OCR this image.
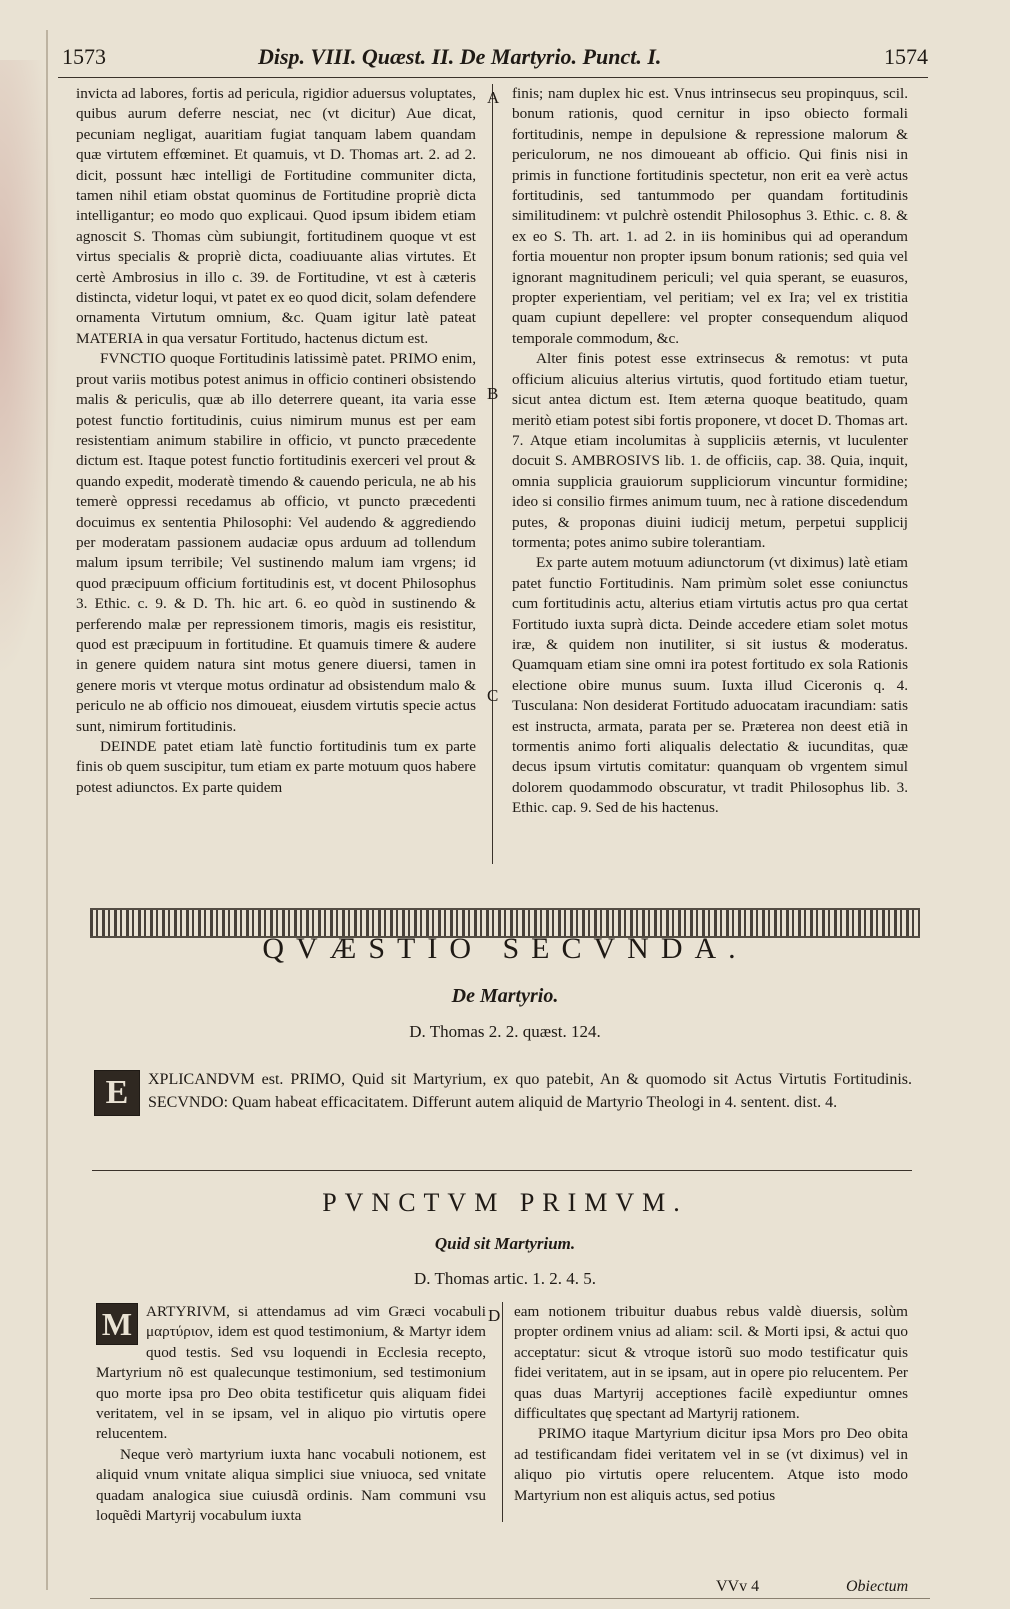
1573	Disp. VIII. Quæst. II. De Martyrio. Punct. I.	1574

invicta ad labores, fortis ad pericula, rigidior aduersus voluptates, quibus aurum deferre nesciat, nec (vt dicitur) Aue dicat, pecuniam negligat, auaritiam fugiat tanquam labem quandam quæ virtutem effœminet. Et quamuis, vt D. Thomas art. 2. ad 2. dicit, possunt hæc intelligi de Fortitudine communiter dicta, tamen nihil etiam obstat quominus de Fortitudine propriè dicta intelligantur; eo modo quo explicaui. Quod ipsum ibidem etiam agnoscit S. Thomas cùm subiungit, fortitudinem quoque vt est virtus specialis & propriè dicta, coadiuuante alias virtutes. Et certè Ambrosius in illo c. 39. de Fortitudine, vt est à cæteris distincta, videtur loqui, vt patet ex eo quod dicit, solam defendere ornamenta Virtutum omnium, &c. Quam igitur latè pateat MATERIA in qua versatur Fortitudo, hactenus dictum est.

FVNCTIO quoque Fortitudinis latissimè patet. PRIMO enim, prout variis motibus potest animus in officio contineri obsistendo malis & periculis, quæ ab illo deterrere queant, ita varia esse potest functio fortitudinis, cuius nimirum munus est per eam resistentiam animum stabilire in officio, vt puncto præcedente dictum est. Itaque potest functio fortitudinis exerceri vel prout & quando expedit, moderatè timendo & cauendo pericula, ne ab his temerè oppressi recedamus ab officio, vt puncto præcedenti docuimus ex sententia Philosophi: Vel audendo & aggrediendo per moderatam passionem audaciæ opus arduum ad tollendum malum ipsum terribile; Vel sustinendo malum iam vrgens; id quod præcipuum officium fortitudinis est, vt docent Philosophus 3. Ethic. c. 9. & D. Th. hic art. 6. eo quòd in sustinendo & perferendo malæ per repressionem timoris, magis eis resistitur, quod est præcipuum in fortitudine. Et quamuis timere & audere in genere quidem natura sint motus genere diuersi, tamen in genere moris vt vterque motus ordinatur ad obsistendum malo & periculo ne ab officio nos dimoueat, eiusdem virtutis specie actus sunt, nimirum fortitudinis.

DEINDE patet etiam latè functio fortitudinis tum ex parte finis ob quem suscipitur, tum etiam ex parte motuum quos habere potest adiunctos. Ex parte quidem

finis; nam duplex hic est. Vnus intrinsecus seu propinquus, scil. bonum rationis, quod cernitur in ipso obiecto formali fortitudinis, nempe in depulsione & repressione malorum & periculorum, ne nos dimoueant ab officio. Qui finis nisi in primis in functione fortitudinis spectetur, non erit ea verè actus fortitudinis, sed tantummodo per quandam fortitudinis similitudinem: vt pulchrè ostendit Philosophus 3. Ethic. c. 8. & ex eo S. Th. art. 1. ad 2. in iis hominibus qui ad operandum fortia mouentur non propter ipsum bonum rationis; sed quia vel ignorant magnitudinem periculi; vel quia sperant, se euasuros, propter experientiam, vel peritiam; vel ex Ira; vel ex tristitia quam cupiunt depellere: vel propter consequendum aliquod temporale commodum, &c.

Alter finis potest esse extrinsecus & remotus: vt puta officium alicuius alterius virtutis, quod fortitudo etiam tuetur, sicut antea dictum est. Item æterna quoque beatitudo, quam meritò etiam potest sibi fortis proponere, vt docet D. Thomas art. 7. Atque etiam incolumitas à suppliciis æternis, vt luculenter docuit S. AMBROSIVS lib. 1. de officiis, cap. 38. Quia, inquit, omnia supplicia grauiorum suppliciorum vincuntur formidine; ideo si consilio firmes animum tuum, nec à ratione discedendum putes, & proponas diuini iudicij metum, perpetui supplicij tormenta; potes animo subire tolerantiam.

Ex parte autem motuum adiunctorum (vt diximus) latè etiam patet functio Fortitudinis. Nam primùm solet esse coniunctus cum fortitudinis actu, alterius etiam virtutis actus pro qua certat Fortitudo iuxta suprà dicta. Deinde accedere etiam solet motus iræ, & quidem non inutiliter, si sit iustus & moderatus. Quamquam etiam sine omni ira potest fortitudo ex sola Rationis electione obire munus suum. Iuxta illud Ciceronis q. 4. Tusculana: Non desiderat Fortitudo aduocatam iracundiam: satis est instructa, armata, parata per se. Præterea non deest etiã in tormentis animo forti aliqualis delectatio & iucunditas, quæ decus ipsum virtutis comitatur: quanquam ob vrgentem simul dolorem quodammodo obscuratur, vt tradit Philosophus lib. 3. Ethic. cap. 9. Sed de his hactenus.

A
B
C
QVÆSTIO SECVNDA.
De Martyrio.
D. Thomas 2. 2. quæst. 124.
E	XPLICANDVM est. PRIMO, Quid sit Martyrium, ex quo patebit, An & quomodo sit Actus Virtutis Fortitudinis. SECVNDO: Quam habeat efficacitatem. Differunt autem aliquid de Martyrio Theologi in 4. sentent. dist. 4.
PVNCTVM PRIMVM.
Quid sit Martyrium.
D. Thomas artic. 1. 2. 4. 5.

M ARTYRIVM, si attendamus ad vim Græci vocabuli μαρτύριον, idem est quod testimonium, & Martyr idem quod testis. Sed vsu loquendi in Ecclesia recepto, Martyrium nõ est qualecunque testimonium, sed testimonium quo morte ipsa pro Deo obita testificetur quis aliquam fidei veritatem, vel in se ipsam, vel in aliquo pio virtutis opere relucentem.

Neque verò martyrium iuxta hanc vocabuli notionem, est aliquid vnum vnitate aliqua simplici siue vniuoca, sed vnitate quadam analogica siue cuiusdã ordinis. Nam communi vsu loquẽdi Martyrij vocabulum iuxta

D eam notionem tribuitur duabus rebus valdè diuersis, solùm propter ordinem vnius ad aliam: scil. & Morti ipsi, & actui quo acceptatur: sicut & vtroque istorũ suo modo testificatur quis fidei veritatem, aut in se ipsam, aut in opere pio relucentem. Per quas duas Martyrij acceptiones facilè expediuntur omnes difficultates quę spectant ad Martyrij rationem.

PRIMO itaque Martyrium dicitur ipsa Mors pro Deo obita ad testificandam fidei veritatem vel in se (vt diximus) vel in aliquo pio virtutis opere relucentem. Atque isto modo Martyrium non est aliquis actus, sed potius

VVv 4	Obiectum
